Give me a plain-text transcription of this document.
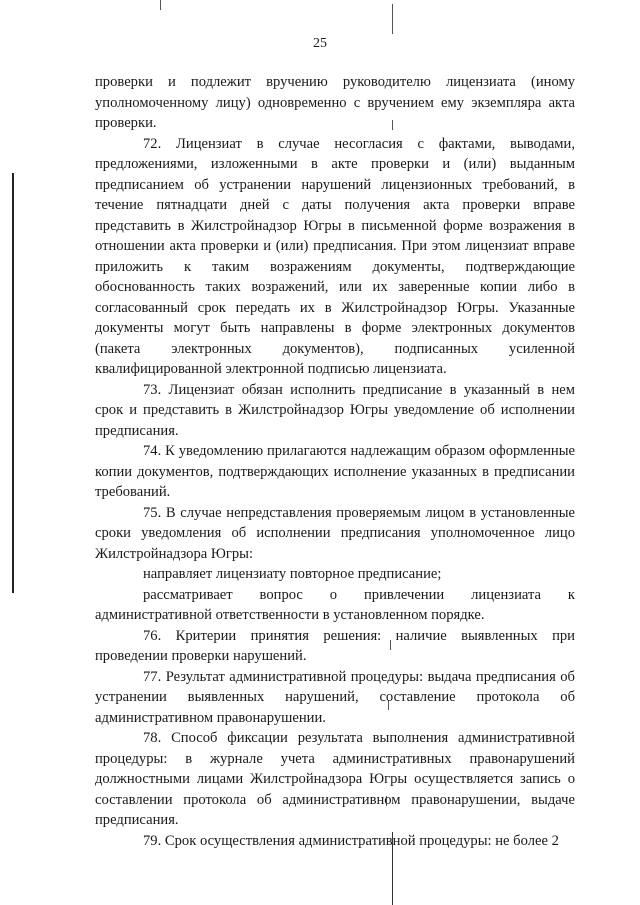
25

проверки и подлежит вручению руководителю лицензиата (иному уполномоченному лицу) одновременно с вручением ему экземпляра акта проверки.

72. Лицензиат в случае несогласия с фактами, выводами, предложениями, изложенными в акте проверки и (или) выданным предписанием об устранении нарушений лицензионных требований, в течение пятнадцати дней с даты получения акта проверки вправе представить в Жилстройнадзор Югры в письменной форме возражения в отношении акта проверки и (или) предписания. При этом лицензиат вправе приложить к таким возражениям документы, подтверждающие обоснованность таких возражений, или их заверенные копии либо в согласованный срок передать их в Жилстройнадзор Югры. Указанные документы могут быть направлены в форме электронных документов (пакета электронных документов), подписанных усиленной квалифицированной электронной подписью лицензиата.

73. Лицензиат обязан исполнить предписание в указанный в нем срок и представить в Жилстройнадзор Югры уведомление об исполнении предписания.

74. К уведомлению прилагаются надлежащим образом оформленные копии документов, подтверждающих исполнение указанных в предписании требований.

75. В случае непредставления проверяемым лицом в установленные сроки уведомления об исполнении предписания уполномоченное лицо Жилстройнадзора Югры:

направляет лицензиату повторное предписание;

рассматривает вопрос о привлечении лицензиата к административной ответственности в установленном порядке.

76. Критерии принятия решения: наличие выявленных при проведении проверки нарушений.

77. Результат административной процедуры: выдача предписания об устранении выявленных нарушений, составление протокола об административном правонарушении.

78. Способ фиксации результата выполнения административной процедуры: в журнале учета административных правонарушений должностными лицами Жилстройнадзора Югры осуществляется запись о составлении протокола об административном правонарушении, выдаче предписания.

79. Срок осуществления административной процедуры: не более 2
